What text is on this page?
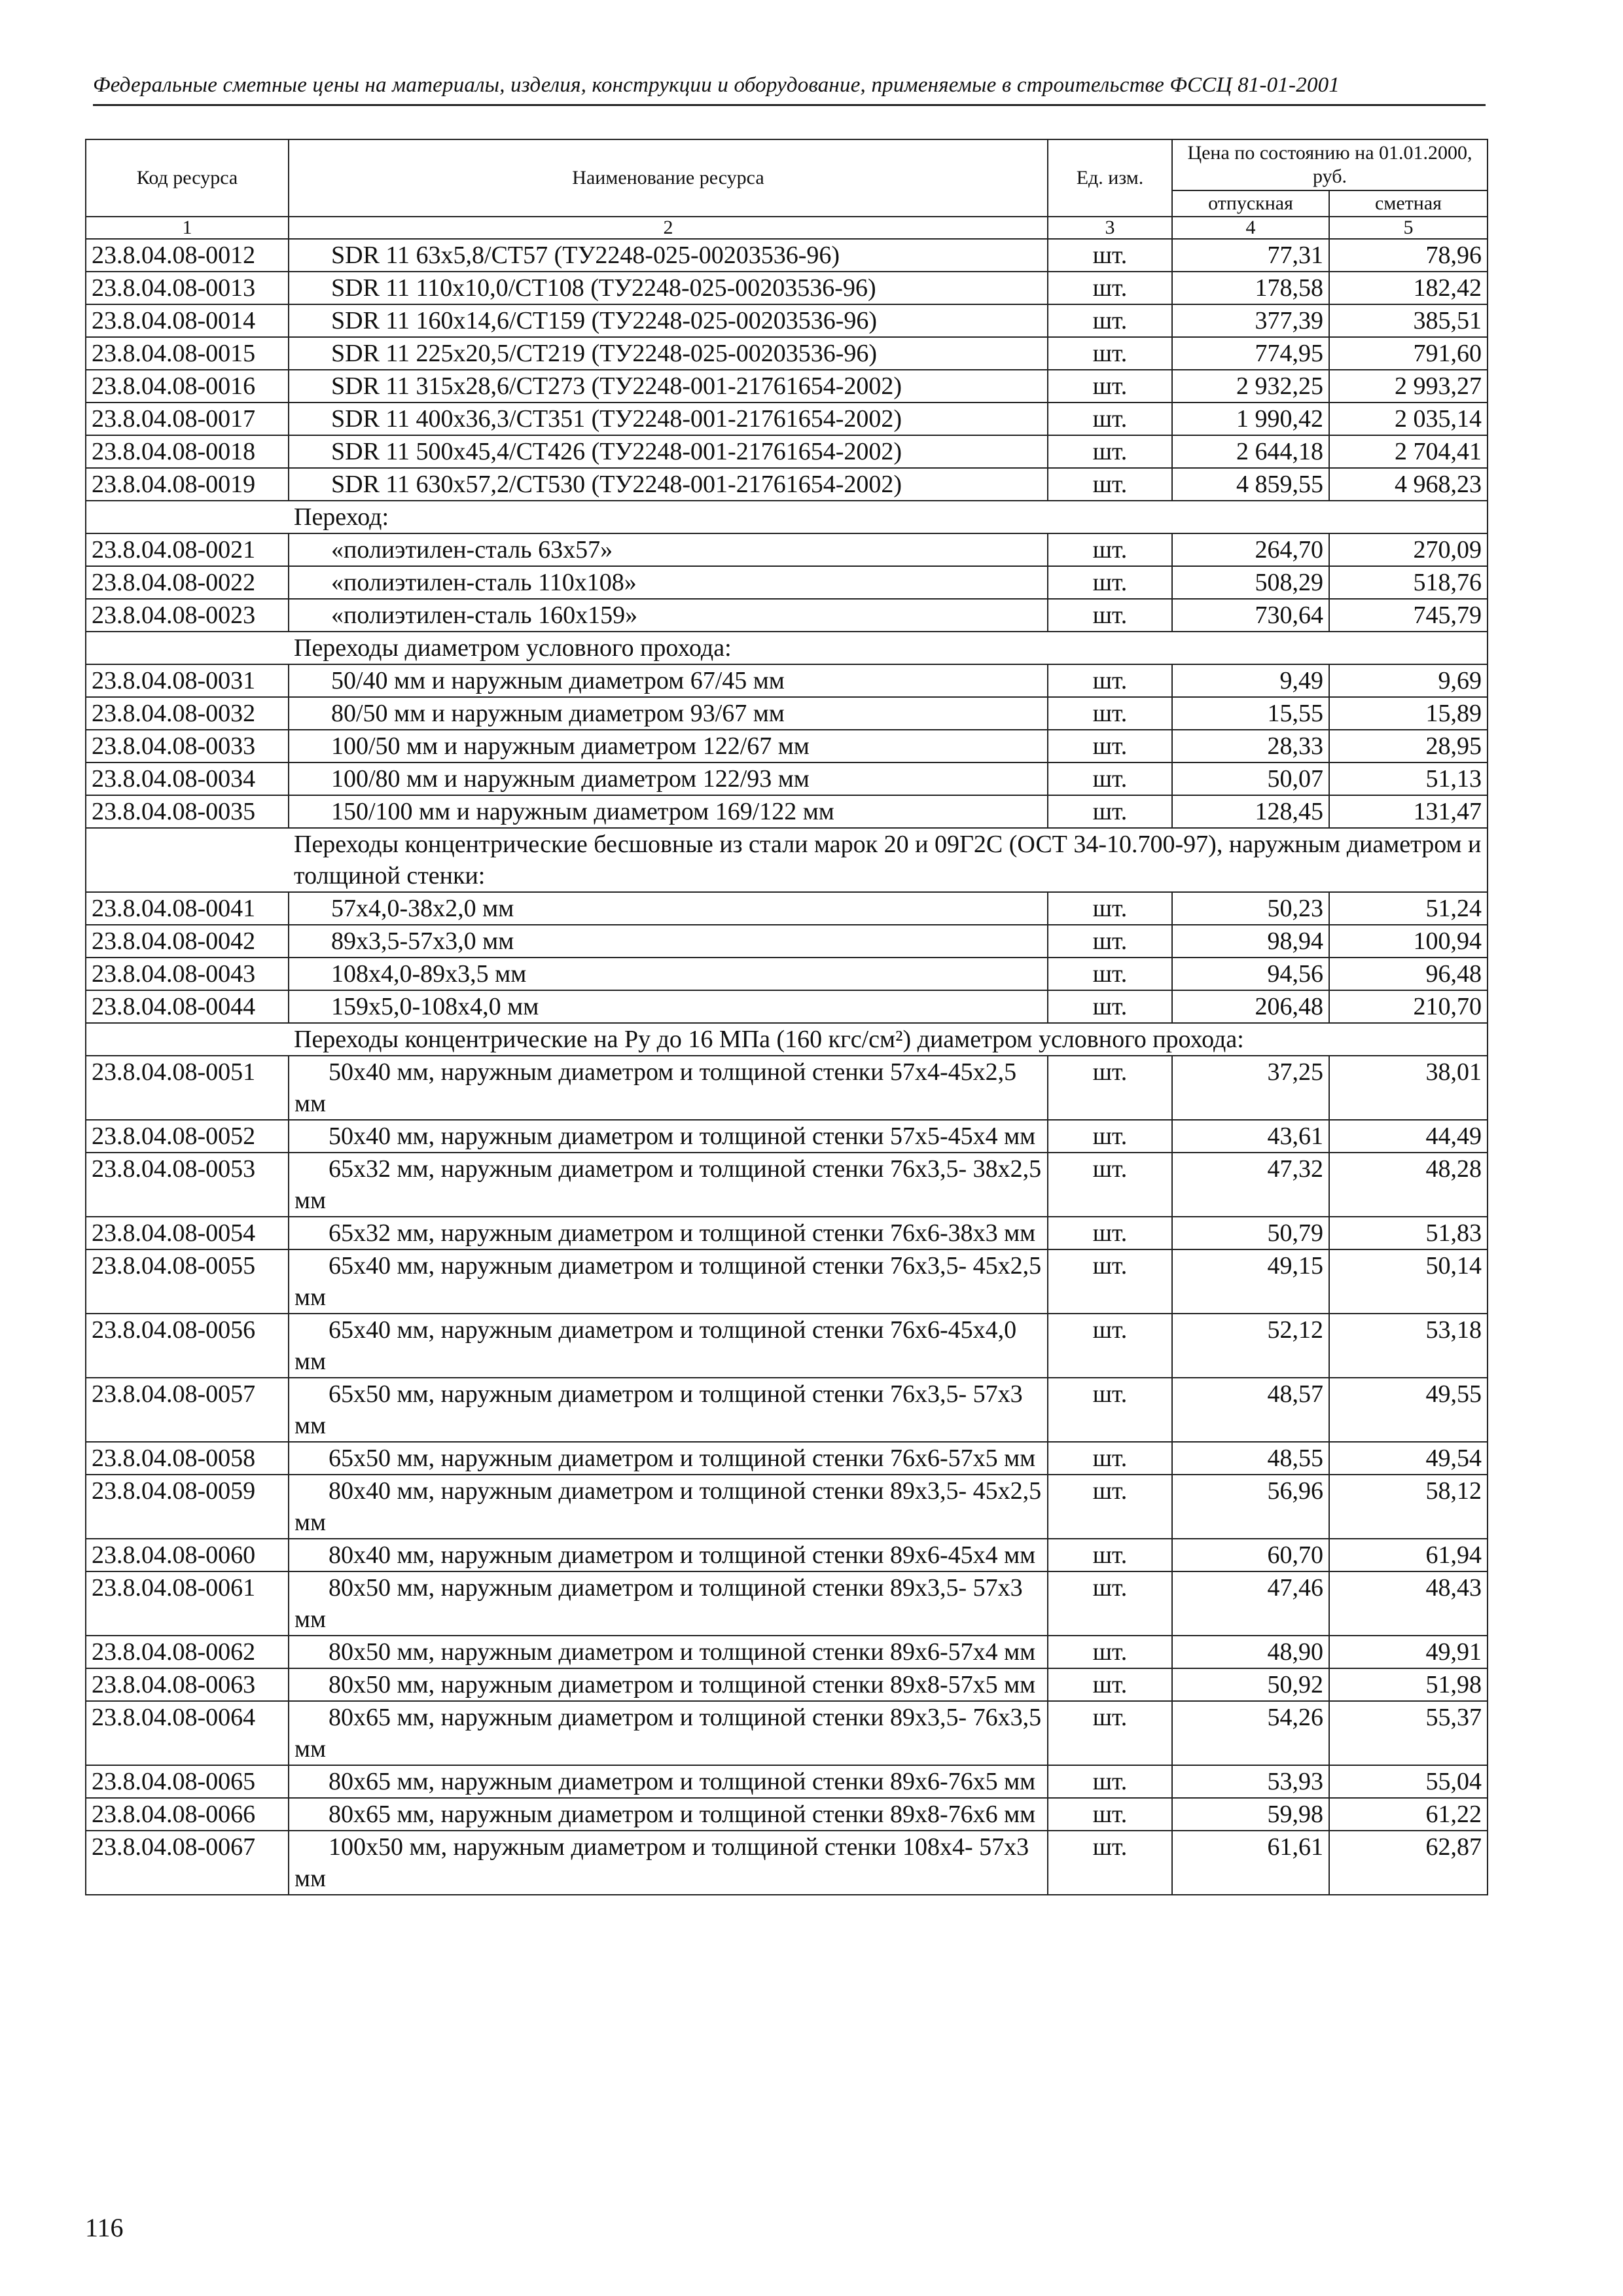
Федеральные сметные цены на материалы, изделия, конструкции и оборудование, применяемые в строительстве ФССЦ 81-01-2001
Код ресурса	Наименование ресурса	Ед. изм.	Цена по состоянию на 01.01.2000, руб.	
			отпускная	сметная
1	2	3	4	5
23.8.04.08-0012	SDR 11 63x5,8/СТ57 (ТУ2248-025-00203536-96)	шт.	77,31	78,96
23.8.04.08-0013	SDR 11 110x10,0/СТ108 (ТУ2248-025-00203536-96)	шт.	178,58	182,42
23.8.04.08-0014	SDR 11 160x14,6/СТ159 (ТУ2248-025-00203536-96)	шт.	377,39	385,51
23.8.04.08-0015	SDR 11 225x20,5/СТ219 (ТУ2248-025-00203536-96)	шт.	774,95	791,60
23.8.04.08-0016	SDR 11 315x28,6/СТ273 (ТУ2248-001-21761654-2002)	шт.	2 932,25	2 993,27
23.8.04.08-0017	SDR 11 400x36,3/СТ351 (ТУ2248-001-21761654-2002)	шт.	1 990,42	2 035,14
23.8.04.08-0018	SDR 11 500x45,4/СТ426 (ТУ2248-001-21761654-2002)	шт.	2 644,18	2 704,41
23.8.04.08-0019	SDR 11 630x57,2/СТ530 (ТУ2248-001-21761654-2002)	шт.	4 859,55	4 968,23
	Переход:			
23.8.04.08-0021	«полиэтилен-сталь 63x57»	шт.	264,70	270,09
23.8.04.08-0022	«полиэтилен-сталь 110x108»	шт.	508,29	518,76
23.8.04.08-0023	«полиэтилен-сталь 160x159»	шт.	730,64	745,79
	Переходы диаметром условного прохода:			
23.8.04.08-0031	50/40 мм и наружным диаметром 67/45 мм	шт.	9,49	9,69
23.8.04.08-0032	80/50 мм и наружным диаметром 93/67 мм	шт.	15,55	15,89
23.8.04.08-0033	100/50 мм и наружным диаметром 122/67 мм	шт.	28,33	28,95
23.8.04.08-0034	100/80 мм и наружным диаметром 122/93 мм	шт.	50,07	51,13
23.8.04.08-0035	150/100 мм и наружным диаметром 169/122 мм	шт.	128,45	131,47
	Переходы концентрические бесшовные из стали марок 20 и 09Г2С (ОСТ 34-10.700-97), наружным диаметром и толщиной стенки:			
23.8.04.08-0041	57x4,0-38x2,0 мм	шт.	50,23	51,24
23.8.04.08-0042	89x3,5-57x3,0 мм	шт.	98,94	100,94
23.8.04.08-0043	108x4,0-89x3,5 мм	шт.	94,56	96,48
23.8.04.08-0044	159x5,0-108x4,0 мм	шт.	206,48	210,70
	Переходы концентрические на Ру до 16 МПа (160 кгс/см²) диаметром условного прохода:			
23.8.04.08-0051	50x40 мм, наружным диаметром и толщиной стенки 57x4-45x2,5 мм	шт.	37,25	38,01
23.8.04.08-0052	50x40 мм, наружным диаметром и толщиной стенки 57x5-45x4 мм	шт.	43,61	44,49
23.8.04.08-0053	65x32 мм, наружным диаметром и толщиной стенки 76x3,5- 38x2,5 мм	шт.	47,32	48,28
23.8.04.08-0054	65x32 мм, наружным диаметром и толщиной стенки 76x6-38x3 мм	шт.	50,79	51,83
23.8.04.08-0055	65x40 мм, наружным диаметром и толщиной стенки 76x3,5- 45x2,5 мм	шт.	49,15	50,14
23.8.04.08-0056	65x40 мм, наружным диаметром и толщиной стенки 76x6-45x4,0 мм	шт.	52,12	53,18
23.8.04.08-0057	65x50 мм, наружным диаметром и толщиной стенки 76x3,5- 57x3 мм	шт.	48,57	49,55
23.8.04.08-0058	65x50 мм, наружным диаметром и толщиной стенки 76x6-57x5 мм	шт.	48,55	49,54
23.8.04.08-0059	80x40 мм, наружным диаметром и толщиной стенки 89x3,5- 45x2,5 мм	шт.	56,96	58,12
23.8.04.08-0060	80x40 мм, наружным диаметром и толщиной стенки 89x6-45x4 мм	шт.	60,70	61,94
23.8.04.08-0061	80x50 мм, наружным диаметром и толщиной стенки 89x3,5- 57x3 мм	шт.	47,46	48,43
23.8.04.08-0062	80x50 мм, наружным диаметром и толщиной стенки 89x6-57x4 мм	шт.	48,90	49,91
23.8.04.08-0063	80x50 мм, наружным диаметром и толщиной стенки 89x8-57x5 мм	шт.	50,92	51,98
23.8.04.08-0064	80x65 мм, наружным диаметром и толщиной стенки 89x3,5- 76x3,5 мм	шт.	54,26	55,37
23.8.04.08-0065	80x65 мм, наружным диаметром и толщиной стенки 89x6-76x5 мм	шт.	53,93	55,04
23.8.04.08-0066	80x65 мм, наружным диаметром и толщиной стенки 89x8-76x6 мм	шт.	59,98	61,22
23.8.04.08-0067	100x50 мм, наружным диаметром и толщиной стенки 108x4- 57x3 мм	шт.	61,61	62,87
116
